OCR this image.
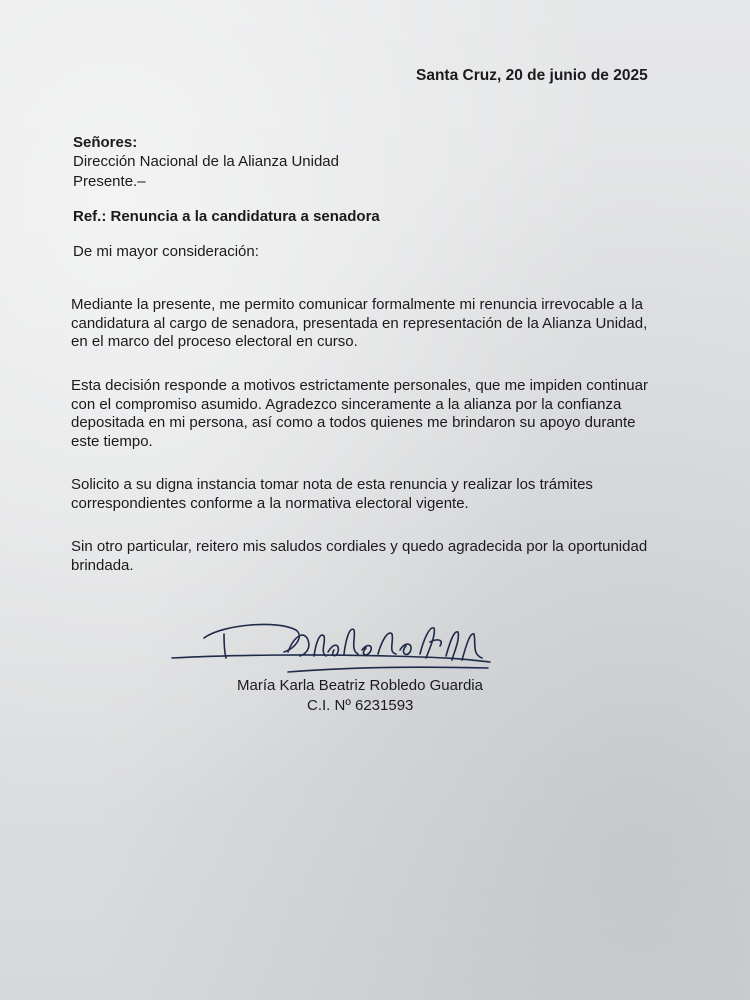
Santa Cruz, 20 de junio de 2025

Señores:

Dirección Nacional de la Alianza Unidad

Presente.–

Ref.: Renuncia a la candidatura a senadora

De mi mayor consideración:

Mediante la presente, me permito comunicar formalmente mi renuncia irrevocable a la
candidatura al cargo de senadora, presentada en representación de la Alianza Unidad,
en el marco del proceso electoral en curso.

Esta decisión responde a motivos estrictamente personales, que me impiden continuar
con el compromiso asumido. Agradezco sinceramente a la alianza por la confianza
depositada en mi persona, así como a todos quienes me brindaron su apoyo durante
este tiempo.

Solicito a su digna instancia tomar nota de esta renuncia y realizar los trámites
correspondientes conforme a la normativa electoral vigente.

Sin otro particular, reitero mis saludos cordiales y quedo agradecida por la oportunidad
brindada.

María Karla Beatriz Robledo Guardia

C.I. Nº 6231593
